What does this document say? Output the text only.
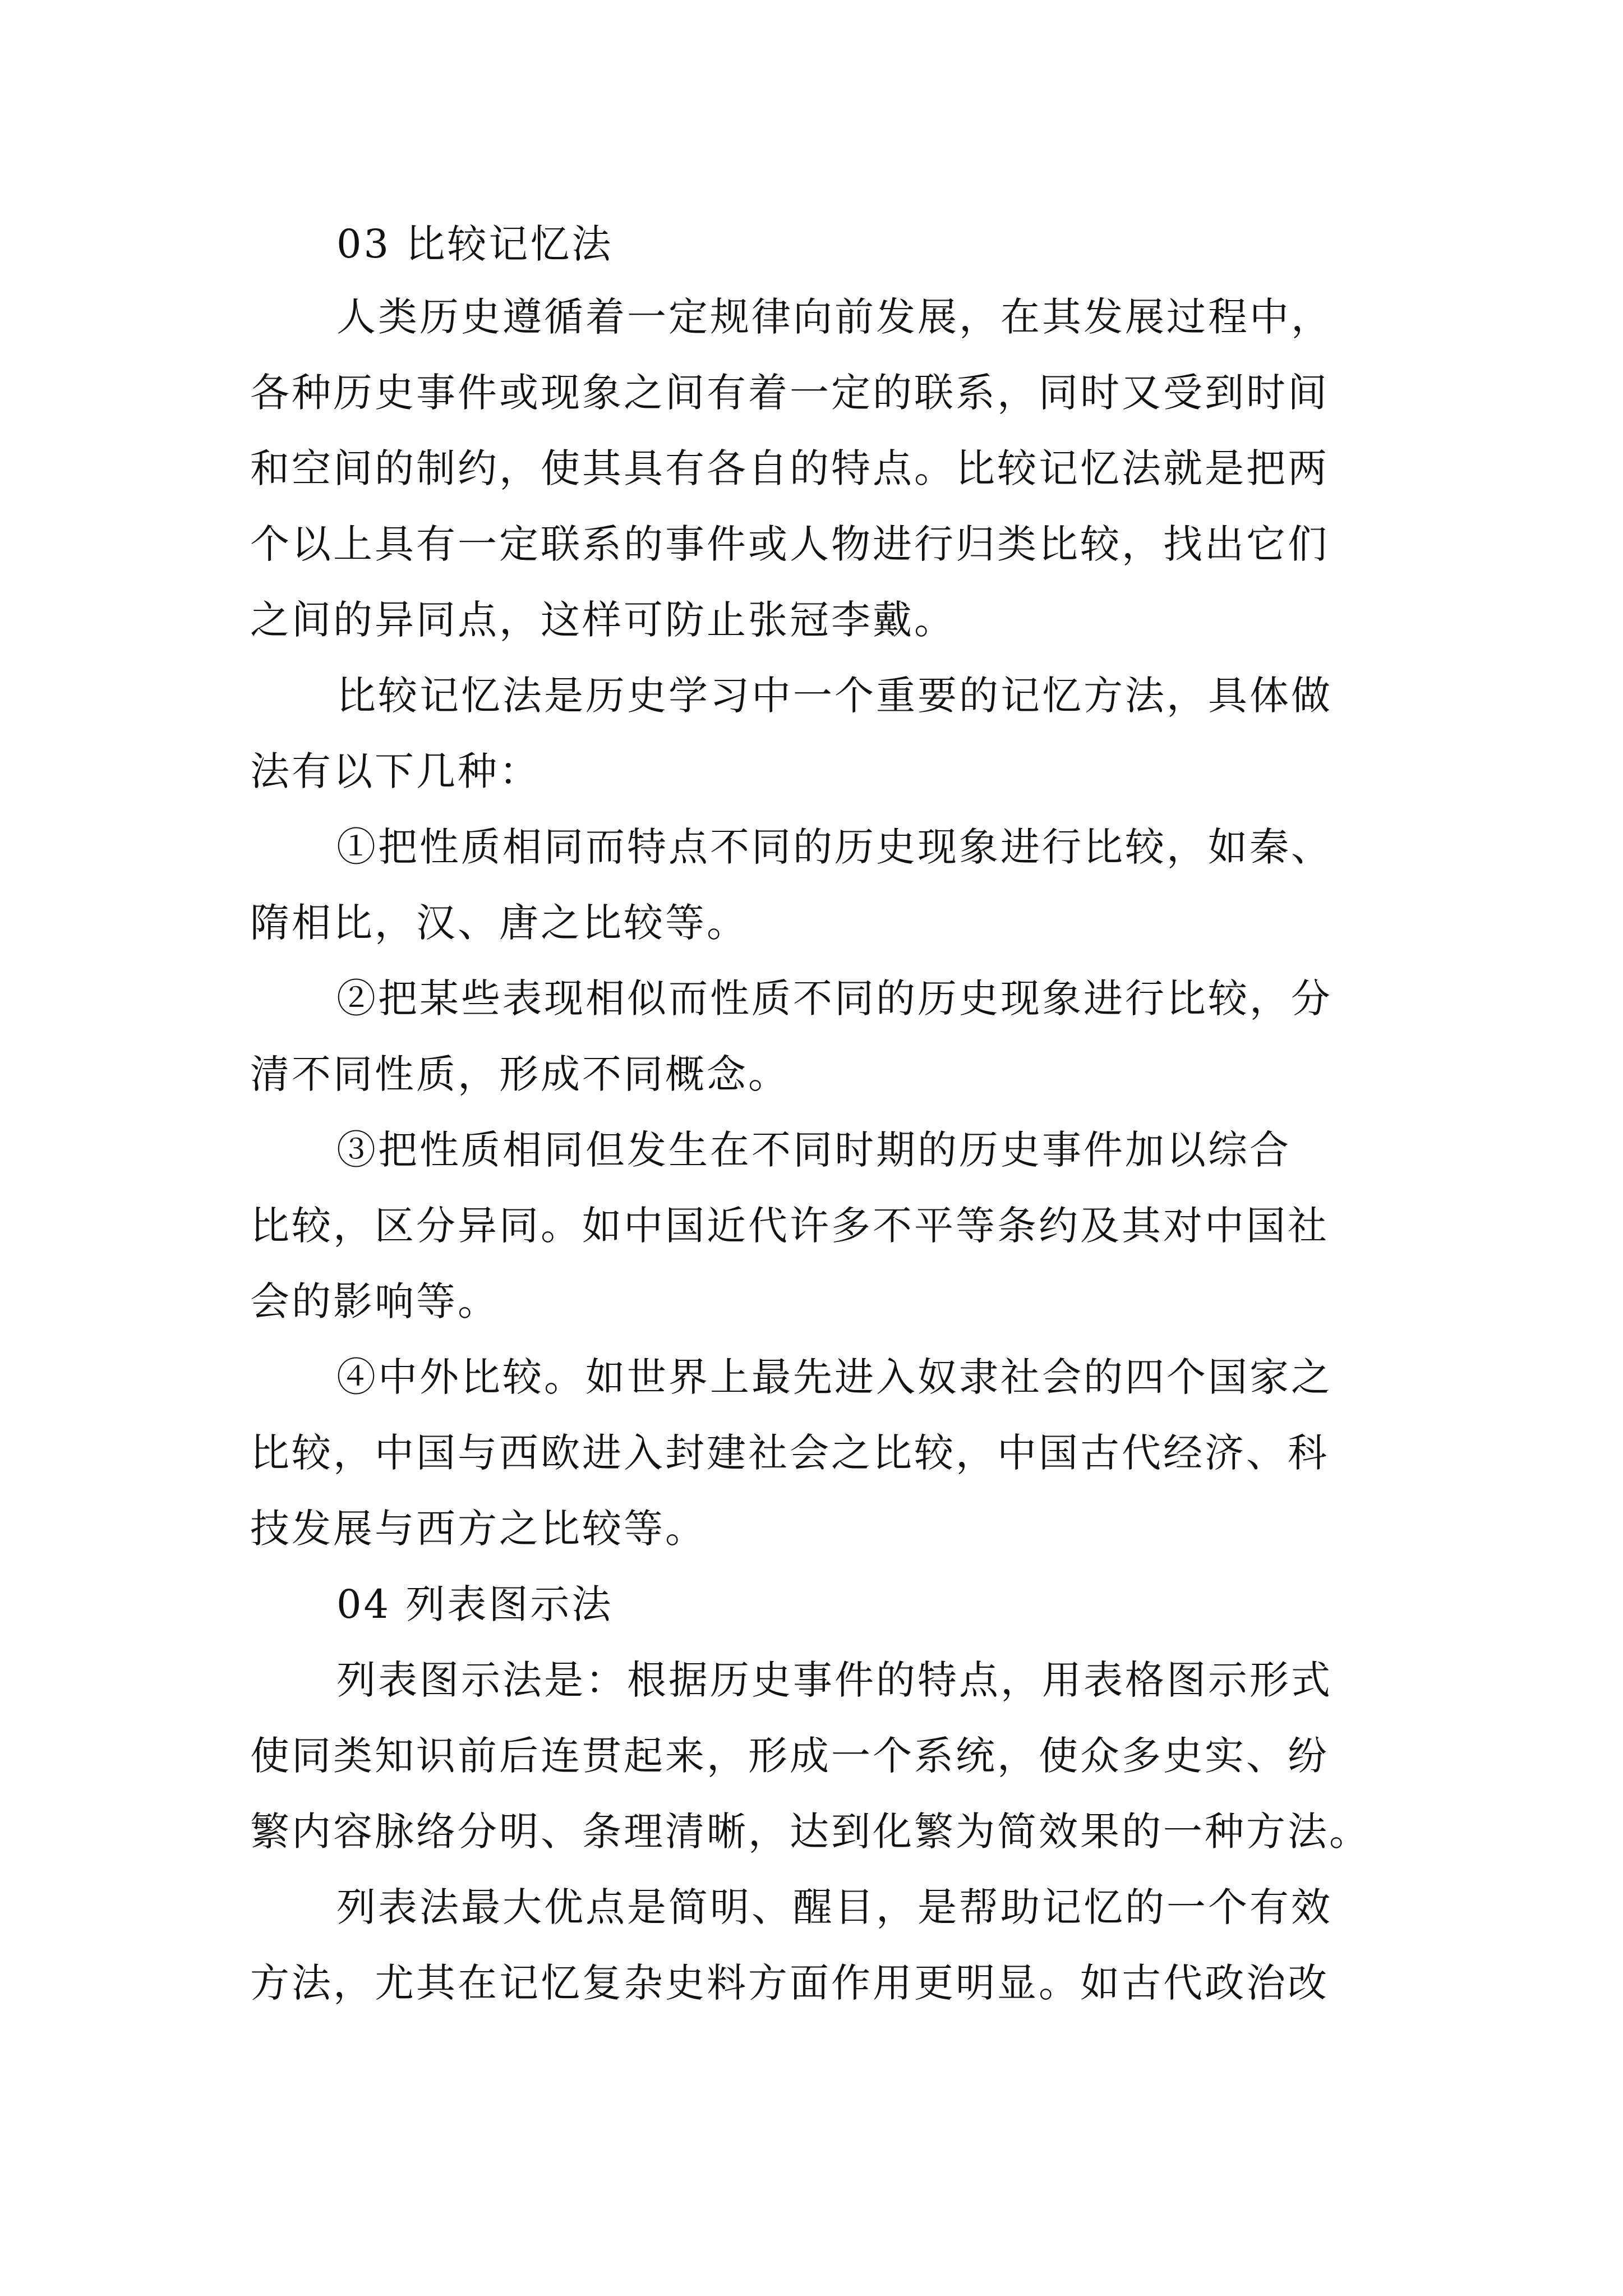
03 比较记忆法
人类历史遵循着一定规律向前发展，在其发展过程中，
各种历史事件或现象之间有着一定的联系，同时又受到时间
和空间的制约，使其具有各自的特点。比较记忆法就是把两
个以上具有一定联系的事件或人物进行归类比较，找出它们
之间的异同点，这样可防止张冠李戴。
比较记忆法是历史学习中一个重要的记忆方法，具体做
法有以下几种：
①把性质相同而特点不同的历史现象进行比较，如秦、
隋相比，汉、唐之比较等。
②把某些表现相似而性质不同的历史现象进行比较，分
清不同性质，形成不同概念。
③把性质相同但发生在不同时期的历史事件加以综合
比较，区分异同。如中国近代许多不平等条约及其对中国社
会的影响等。
④中外比较。如世界上最先进入奴隶社会的四个国家之
比较，中国与西欧进入封建社会之比较，中国古代经济、科
技发展与西方之比较等。
04 列表图示法
列表图示法是：根据历史事件的特点，用表格图示形式
使同类知识前后连贯起来，形成一个系统，使众多史实、纷
繁内容脉络分明、条理清晰，达到化繁为简效果的一种方法。
列表法最大优点是简明、醒目，是帮助记忆的一个有效
方法，尤其在记忆复杂史料方面作用更明显。如古代政治改
